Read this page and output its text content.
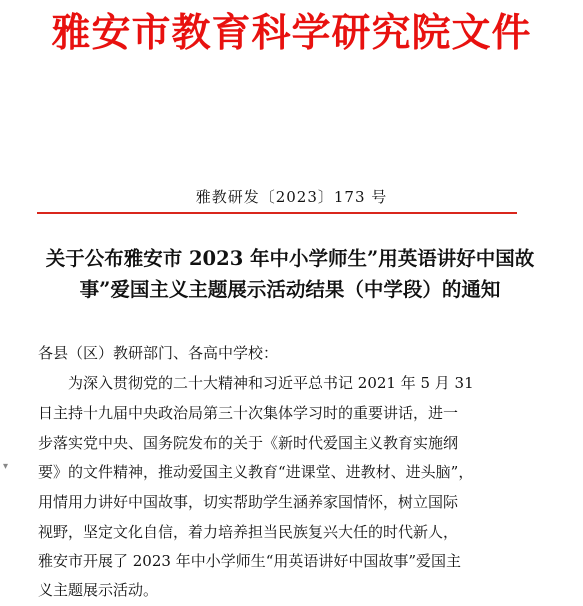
雅安市教育科学研究院文件
雅教研发〔2023〕173 号
关于公布雅安市 2023 年中小学师生”用英语讲好中国故
事”爱国主义主题展示活动结果（中学段）的通知
各县（区）教研部门、各高中学校：
为深入贯彻党的二十大精神和习近平总书记 2021 年 5 月 31
日主持十九届中央政治局第三十次集体学习时的重要讲话，进一
步落实党中央、国务院发布的关于《新时代爱国主义教育实施纲
要》的文件精神，推动爱国主义教育“进课堂、进教材、进头脑”，
用情用力讲好中国故事，切实帮助学生涵养家国情怀，树立国际
视野，坚定文化自信，着力培养担当民族复兴大任的时代新人，
雅安市开展了 2023 年中小学师生“用英语讲好中国故事”爱国主
义主题展示活动。
▾
